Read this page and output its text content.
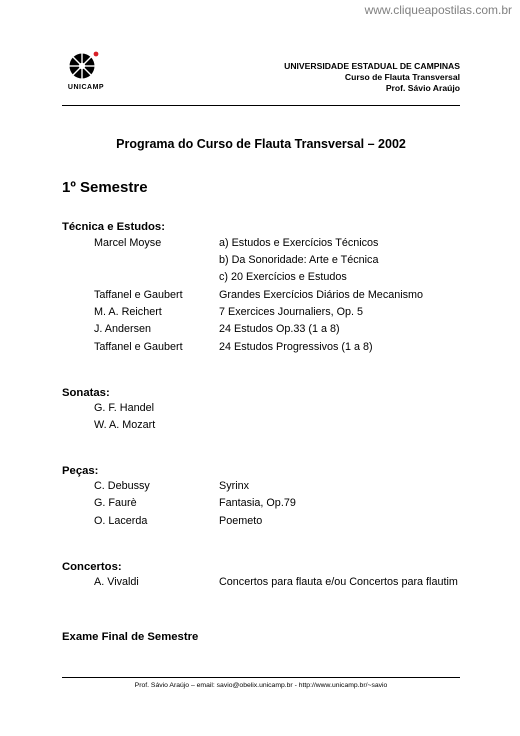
www.cliqueapostilas.com.br
UNICAMP
UNIVERSIDADE ESTADUAL DE CAMPINAS
Curso de Flauta Transversal
Prof. Sávio Araújo
Programa do Curso de Flauta Transversal – 2002
1º Semestre
Técnica e Estudos:
Marcel Moyse	a) Estudos e Exercícios Técnicos
b) Da Sonoridade: Arte e Técnica
c) 20 Exercícios e Estudos
Taffanel e Gaubert	Grandes Exercícios Diários de Mecanismo
M. A. Reichert	7 Exercices Journaliers, Op. 5
J. Andersen	24 Estudos Op.33 (1 a 8)
Taffanel e Gaubert	24 Estudos Progressivos (1 a 8)
Sonatas:
G. F. Handel
W. A. Mozart
Peças:
C. Debussy	Syrinx
G. Faurè	Fantasia, Op.79
O. Lacerda	Poemeto
Concertos:
A. Vivaldi	Concertos para flauta e/ou Concertos para flautim
Exame Final de Semestre
Prof. Sávio Araújo – email: savio@obelix.unicamp.br - http://www.unicamp.br/~savio
